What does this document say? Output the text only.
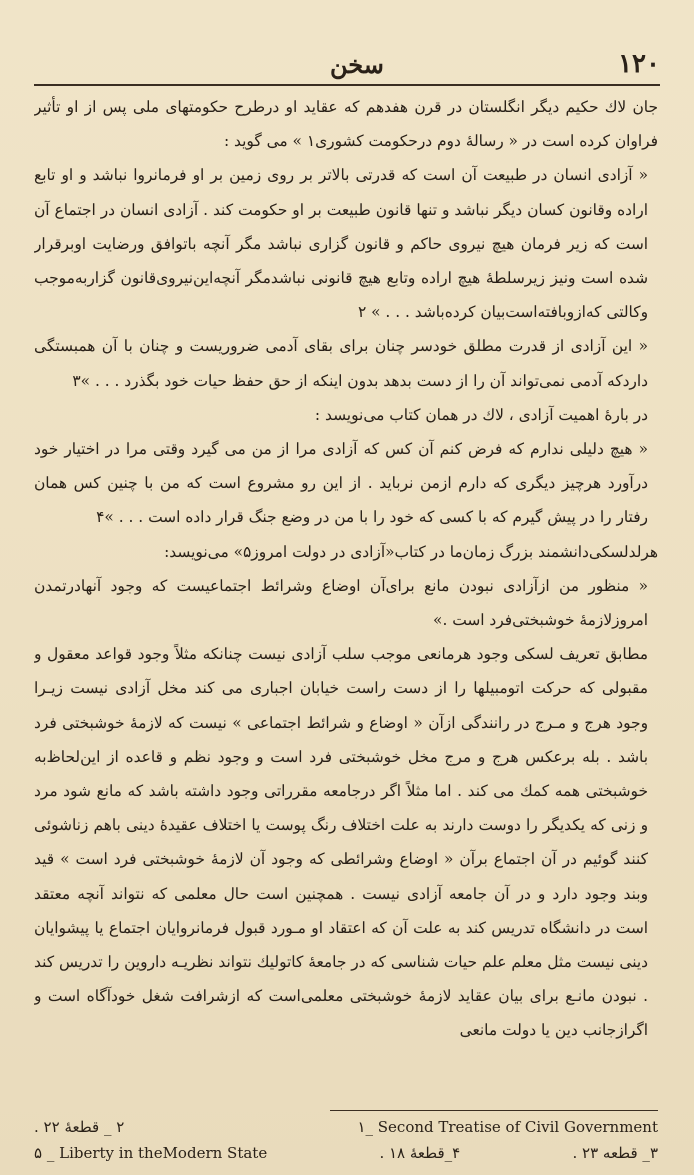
۱۲۰
سخن

جان لاك حكیم دیگر انگلستان در قرن هفدهم كه عقاید او درطرح حكومتهای ملی پس از او تأثیر فراوان كرده است در « رسالهٔ دوم درحكومت كشوری۱ » می گوید :

« آزادی انسان در طبیعت آن است كه قدرتی بالاتر بر روی زمین بر او فرمانروا نباشد و او تابع اراده وقانون كسان دیگر نباشد و تنها قانون طبیعت بر او حكومت كند . آزادی انسان در اجتماع آن است كه زیر فرمان هیچ نیروی حاكم و قانون گزاری نباشد مگر آنچه باتوافق ورضایت اوبرقرار شده است ونیز زیرسلطهٔ هیچ اراده وتابع هیچ قانونی نباشدمگر آنچه‌این‌نیروی‌قانون گزاربه‌موجب وكالتی كه‌ازوبافته‌است‌بیان كرده‌باشد . . . » ۲

« این آزادی از قدرت مطلق خودسر چنان برای بقای آدمی ضروریست و چنان با آن همبستگی داردكه آدمی نمی‌تواند آن را از دست بدهد بدون اینكه از حق حفظ حیات خود بگذرد . . . »۳

در بارهٔ اهمیت آزادی ، لاك در همان كتاب می‌نویسد :

« هیچ دلیلی ندارم كه فرض كنم آن كس كه آزادی مرا از من می گیرد وقتی مرا در اختیار خود درآورد هرچیز دیگری كه دارم ازمن نرباید . از این رو مشروع است كه من با چنین كس همان رفتار را در پیش گیرم كه با كسی كه خود را با من در وضع جنگ قرار داده است . . . »۴

هرلدلسكی‌دانشمند بزرگ زمان‌ما در كتاب«آزادی در دولت امروز۵» می‌نویسد:

« منظور من ازآزادی نبودن مانع برای‌آن اوضاع وشرائط اجتماعیست كه وجود آنهادرتمدن امروزلازمهٔ خوشبختی‌فرد است .»

مطابق تعریف لسكی وجود هرمانعی موجب سلب آزادی نیست چنانكه مثلاً وجود قواعد معقول و مقبولی كه حركت اتومبیلها را از دست راست خیابان اجباری می كند مخل آزادی نیست زیـرا وجود هرج و مـرج در رانندگی ازآن « اوضاع و شرائط اجتماعی » نیست كه لازمهٔ خوشبختی فرد باشد . بله برعكس هرج و مرج مخل خوشبختی فرد است و وجود نظم و قاعده از این‌لحاظ‌به خوشبختی همه كمك می كند . اما مثلاً اگر درجامعه مقرراتی وجود داشته باشد كه مانع شود مرد و زنی كه یكدیگر را دوست دارند به علت اختلاف رنگ پوست یا اختلاف عقیدهٔ دینی باهم زناشوئی كنند گوئیم در آن اجتماع برآن « اوضاع وشرائطی كه وجود آن لازمهٔ خوشبختی فرد است » قید وبند وجود دارد و در آن جامعه آزادی نیست . همچنین است حال معلمی كه نتواند آنچه معتقد است در دانشگاه تدریس كند به علت آن كه اعتقاد او مـورد قبول فرمانروایان اجتماع یا پیشوایان دینی نیست مثل معلم علم حیات شناسی كه در جامعهٔ كاتولیك نتواند نظریـه داروین را تدریس كند . نبودن مانـع برای بیان عقاید لازمهٔ خوشبختی معلمی‌است كه ازشرافت شغل خودآگاه است و اگرازجانب دین یا دولت مانعی

۱_ Second Treatise of Civil Government
۲ _ قطعهٔ ۲۲ .
۳_ قطعه ۲۳ .
۴_قطعهٔ ۱۸ .
۵ _ Liberty in theModern State
